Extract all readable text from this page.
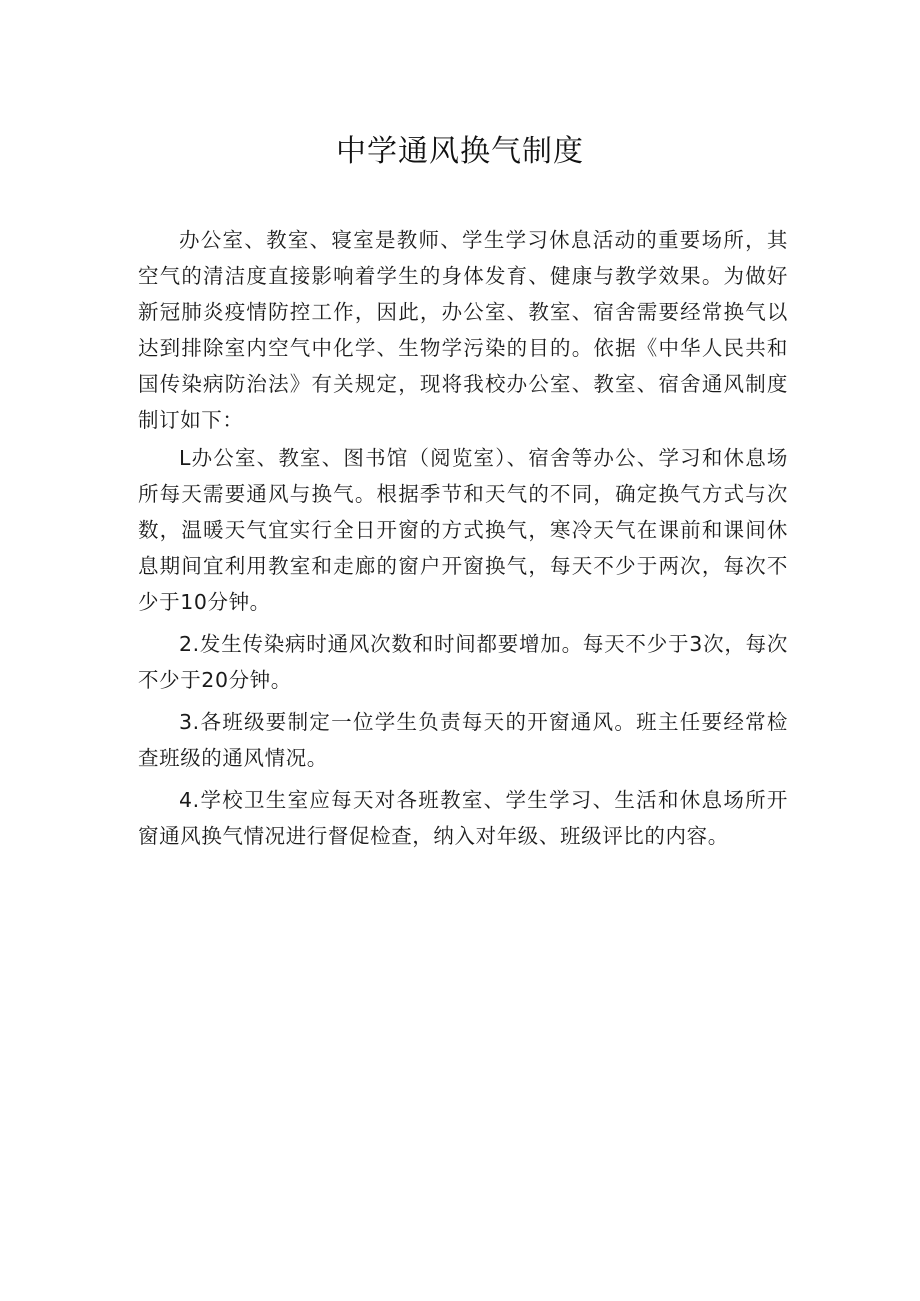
中学通风换气制度

办公室、教室、寝室是教师、学生学习休息活动的重要场所，其空气的清洁度直接影响着学生的身体发育、健康与教学效果。为做好新冠肺炎疫情防控工作，因此，办公室、教室、宿舍需要经常换气以达到排除室内空气中化学、生物学污染的目的。依据《中华人民共和国传染病防治法》有关规定，现将我校办公室、教室、宿舍通风制度制订如下：

L办公室、教室、图书馆（阅览室）、宿舍等办公、学习和休息场所每天需要通风与换气。根据季节和天气的不同，确定换气方式与次数，温暖天气宜实行全日开窗的方式换气，寒冷天气在课前和课间休息期间宜利用教室和走廊的窗户开窗换气，每天不少于两次，每次不少于10分钟。

2.发生传染病时通风次数和时间都要增加。每天不少于3次，每次不少于20分钟。

3.各班级要制定一位学生负责每天的开窗通风。班主任要经常检查班级的通风情况。

4.学校卫生室应每天对各班教室、学生学习、生活和休息场所开窗通风换气情况进行督促检查，纳入对年级、班级评比的内容。
